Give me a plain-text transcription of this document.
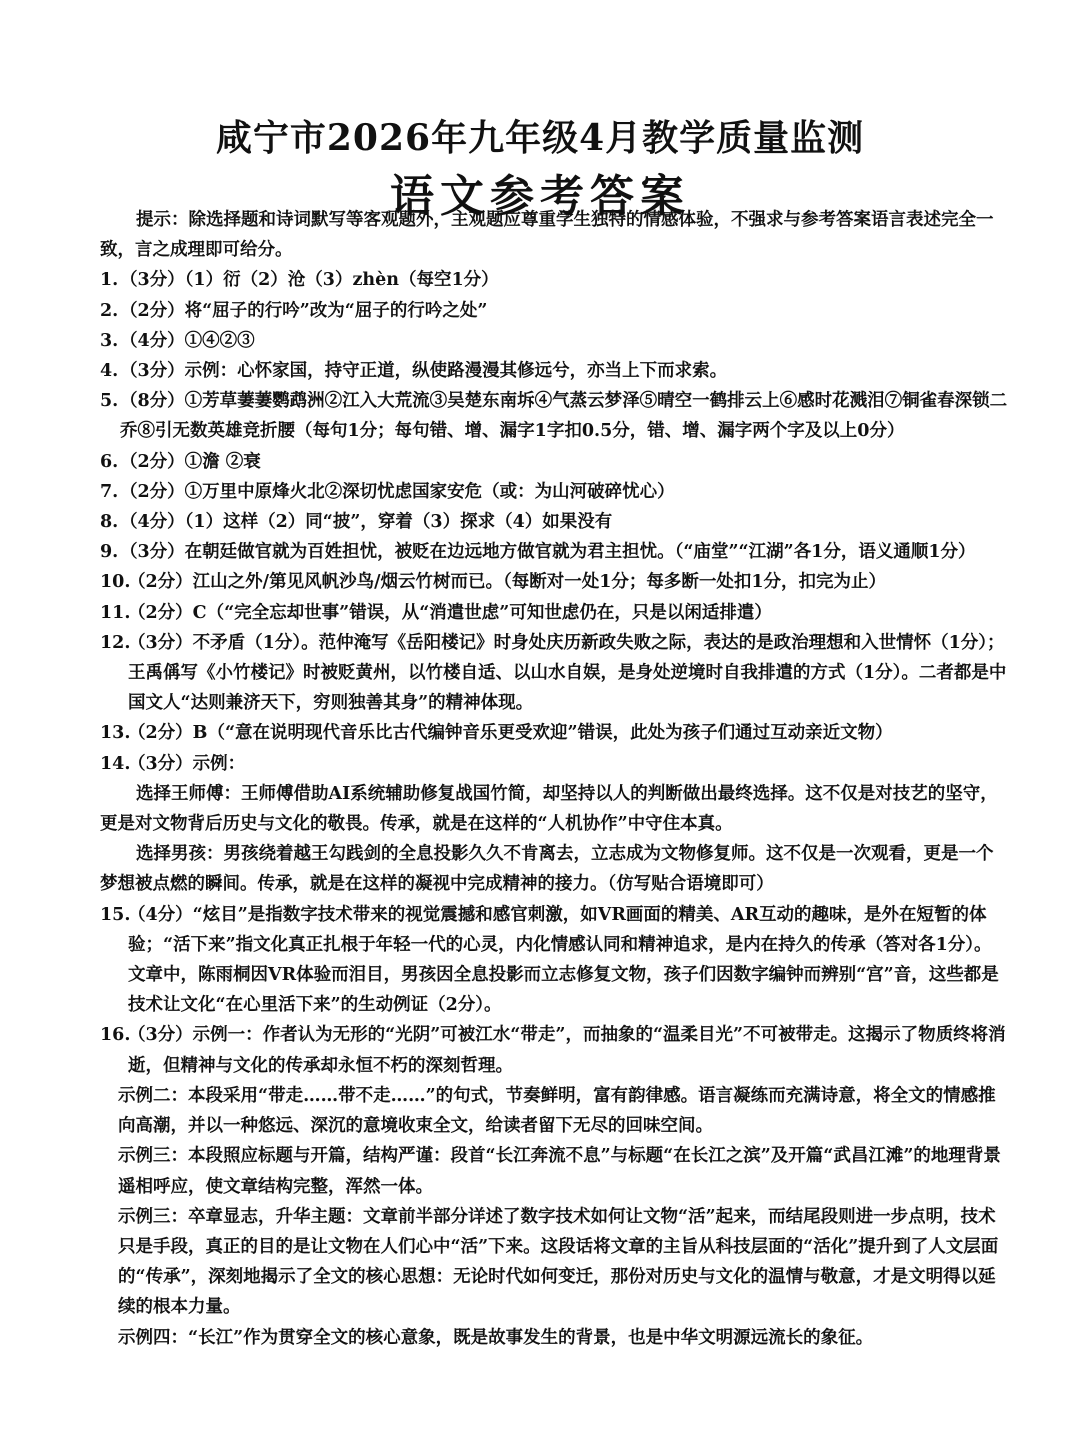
咸宁市2026年九年级4月教学质量监测
语文参考答案

提示：除选择题和诗词默写等客观题外，主观题应尊重学生独特的情感体验，不强求与参考答案语言表述完全一致，言之成理即可给分。

1. （3分）（1）衍（2）沧（3）zhèn（每空1分）
2. （2分）将“屈子的行吟”改为“屈子的行吟之处”
3. （4分）①④②③
4. （3分）示例：心怀家国，持守正道，纵使路漫漫其修远兮，亦当上下而求索。
5. （8分）①芳草萋萋鹦鹉洲②江入大荒流③吴楚东南坼④气蒸云梦泽⑤晴空一鹤排云上⑥感时花溅泪⑦铜雀春深锁二乔⑧引无数英雄竞折腰（每句1分；每句错、增、漏字1字扣0.5分，错、增、漏字两个字及以上0分）
6. （2分）①澹 ②衰
7. （2分）①万里中原烽火北②深切忧虑国家安危（或：为山河破碎忧心）
8. （4分）（1）这样（2）同“披”，穿着（3）探求（4）如果没有
9. （3分）在朝廷做官就为百姓担忧，被贬在边远地方做官就为君主担忧。（“庙堂”“江湖”各1分，语义通顺1分）
10.
（2分）江山之外/第见风帆沙鸟/烟云竹树而已。（每断对一处1分；每多断一处扣1分，扣完为止）
11.
（2分）C（“完全忘却世事”错误，从“消遣世虑”可知世虑仍在，只是以闲适排遣）
12.
（3分）不矛盾（1分）。范仲淹写《岳阳楼记》时身处庆历新政失败之际，表达的是政治理想和入世情怀（1分）；王禹偁写《小竹楼记》时被贬黄州，以竹楼自适、以山水自娱，是身处逆境时自我排遣的方式（1分）。二者都是中国文人“达则兼济天下，穷则独善其身”的精神体现。
13.
（2分）B（“意在说明现代音乐比古代编钟音乐更受欢迎”错误，此处为孩子们通过互动亲近文物）
14.
（3分）示例：

选择王师傅：王师傅借助AI系统辅助修复战国竹简，却坚持以人的判断做出最终选择。这不仅是对技艺的坚守，更是对文物背后历史与文化的敬畏。传承，就是在这样的“人机协作”中守住本真。

选择男孩：男孩绕着越王勾践剑的全息投影久久不肯离去，立志成为文物修复师。这不仅是一次观看，更是一个梦想被点燃的瞬间。传承，就是在这样的凝视中完成精神的接力。（仿写贴合语境即可）

15.
（4分）“炫目”是指数字技术带来的视觉震撼和感官刺激，如VR画面的精美、AR互动的趣味，是外在短暂的体验；“活下来”指文化真正扎根于年轻一代的心灵，内化情感认同和精神追求，是内在持久的传承（答对各1分）。文章中，陈雨桐因VR体验而泪目，男孩因全息投影而立志修复文物，孩子们因数字编钟而辨别“宫”音，这些都是技术让文化“在心里活下来”的生动例证（2分）。
16.
（3分）示例一：作者认为无形的“光阴”可被江水“带走”，而抽象的“温柔目光”不可被带走。这揭示了物质终将消逝，但精神与文化的传承却永恒不朽的深刻哲理。

示例二：本段采用“带走……带不走……”的句式，节奏鲜明，富有韵律感。语言凝练而充满诗意，将全文的情感推向高潮，并以一种悠远、深沉的意境收束全文，给读者留下无尽的回味空间。

示例三：本段照应标题与开篇，结构严谨：段首“长江奔流不息”与标题“在长江之滨”及开篇“武昌江滩”的地理背景遥相呼应，使文章结构完整，浑然一体。

示例三：卒章显志，升华主题：文章前半部分详述了数字技术如何让文物“活”起来，而结尾段则进一步点明，技术只是手段，真正的目的是让文物在人们心中“活”下来。这段话将文章的主旨从科技层面的“活化”提升到了人文层面的“传承”，深刻地揭示了全文的核心思想：无论时代如何变迁，那份对历史与文化的温情与敬意，才是文明得以延续的根本力量。

示例四：“长江”作为贯穿全文的核心意象，既是故事发生的背景，也是中华文明源远流长的象征。
